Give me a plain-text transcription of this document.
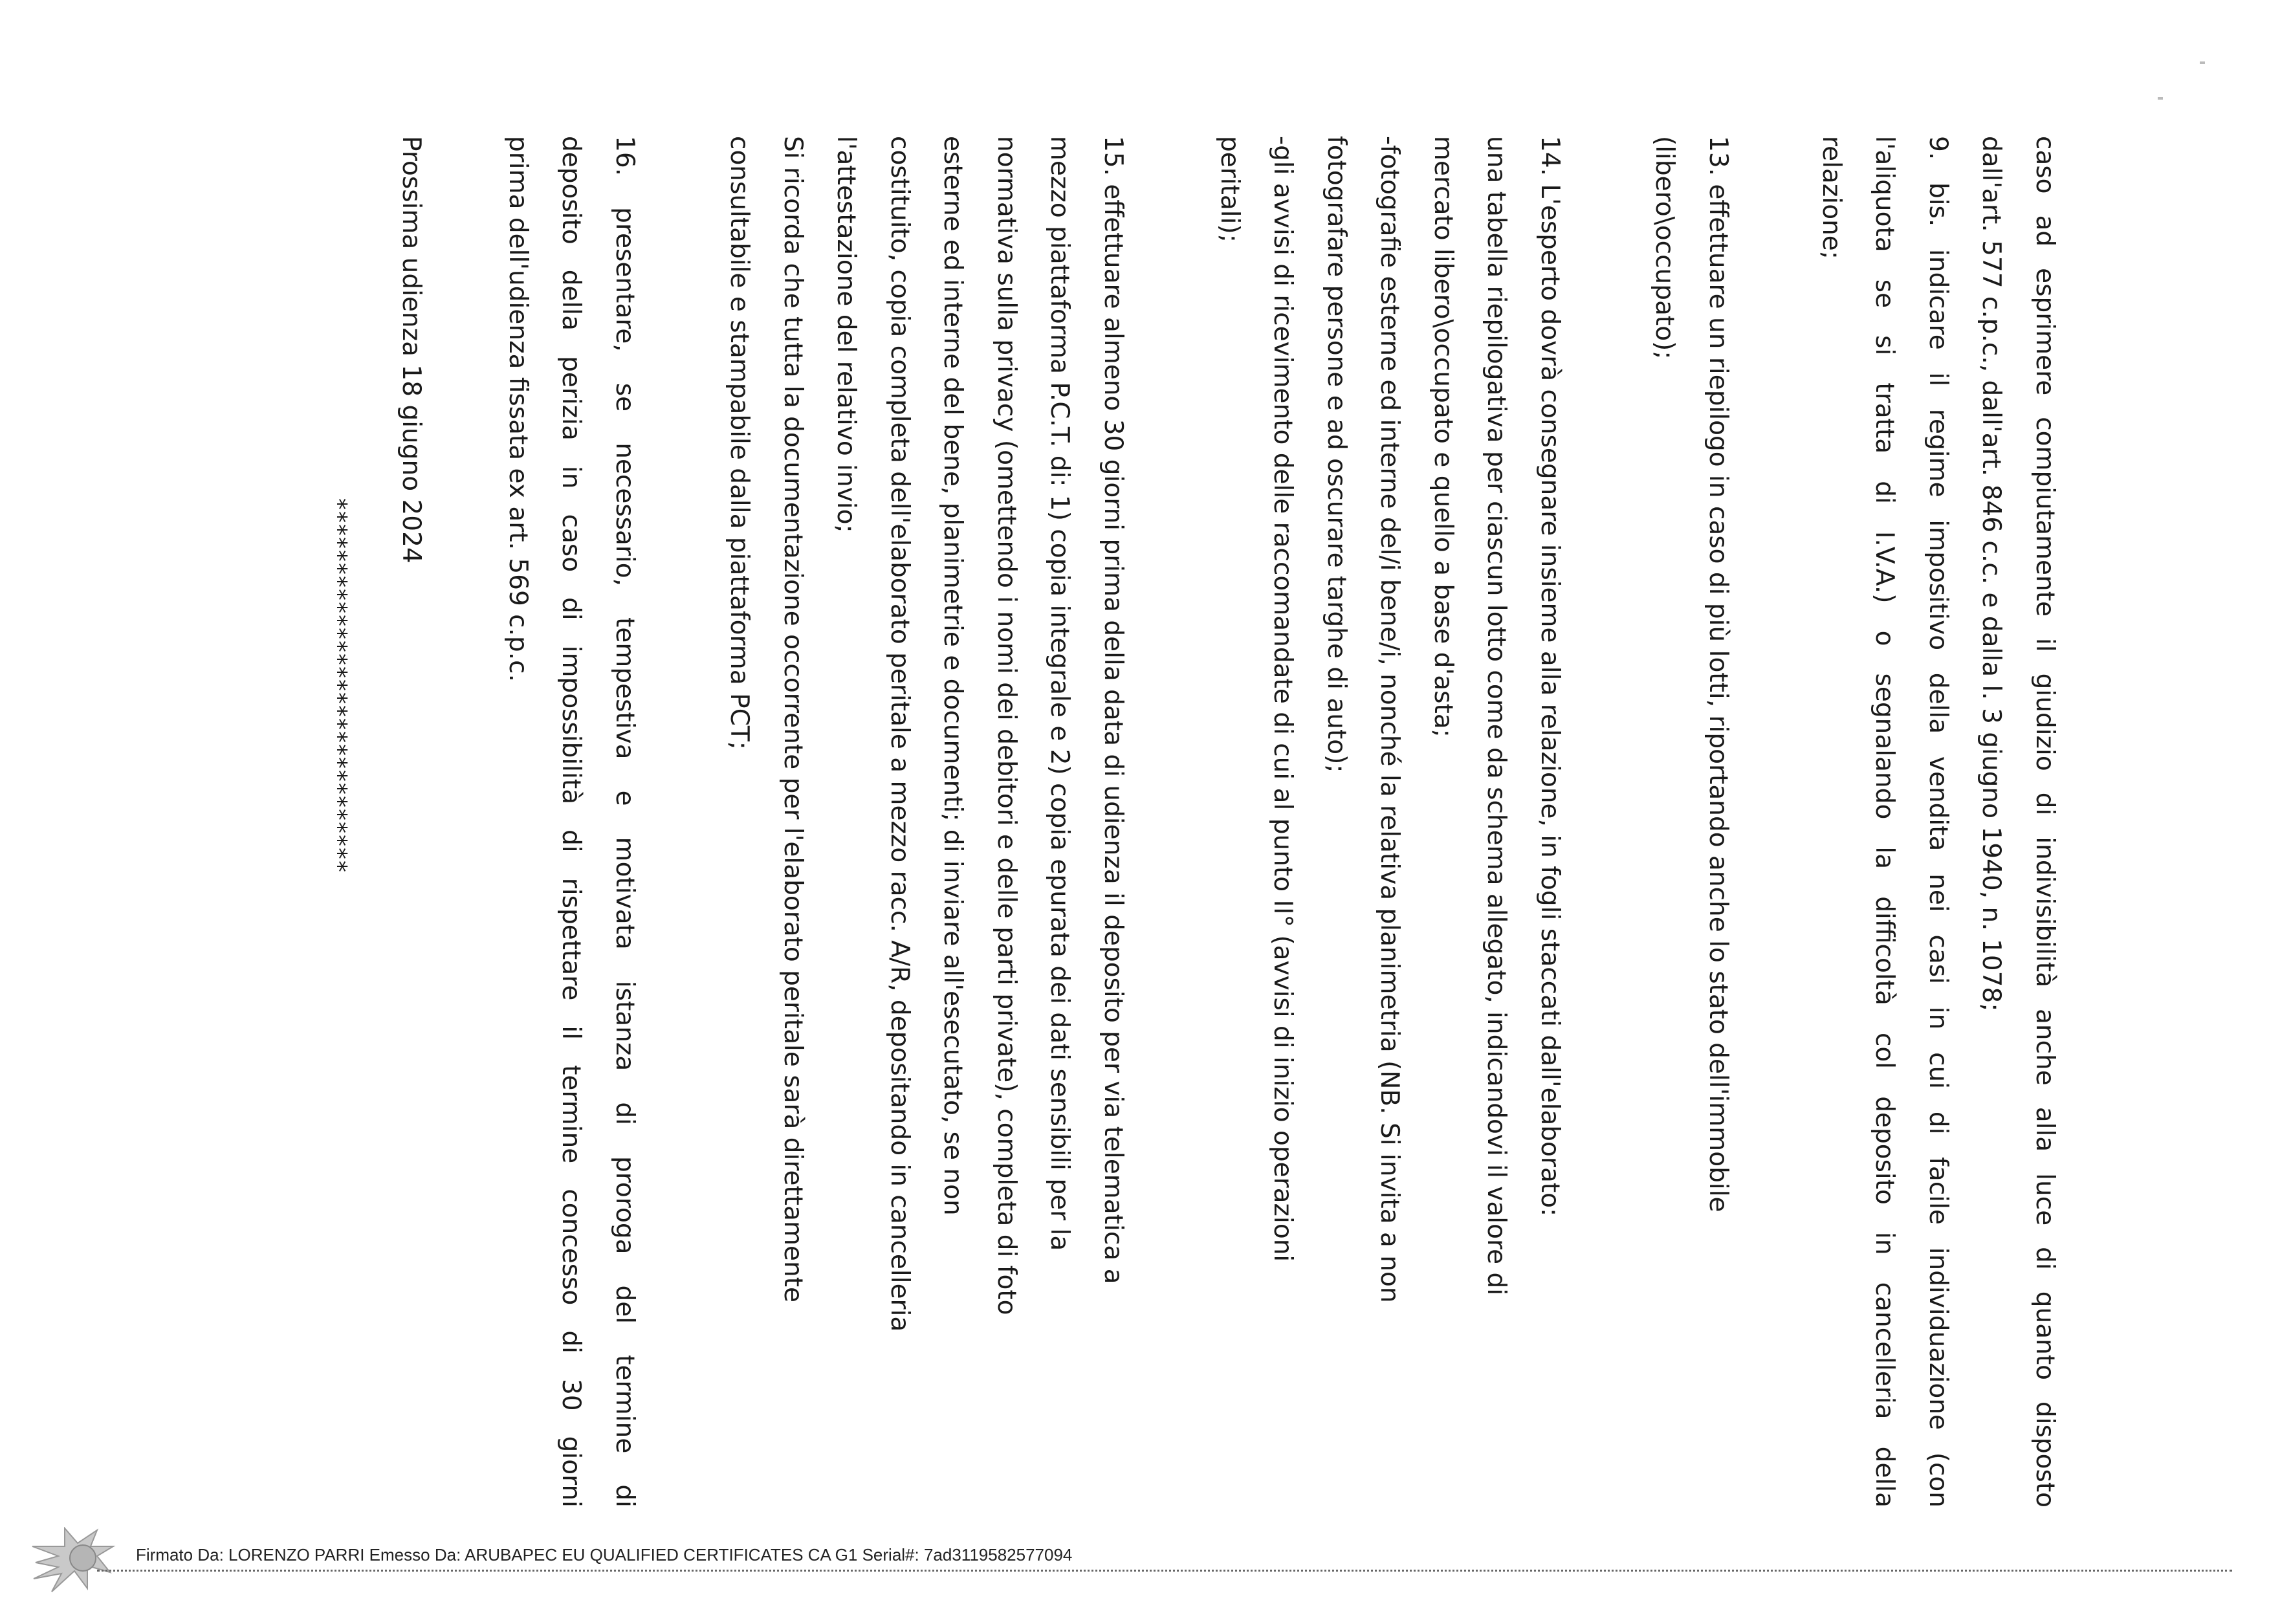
caso ad esprimere compiutamente il giudizio di indivisibilità anche alla luce di quanto disposto
dall'art. 577 c.p.c., dall'art. 846 c.c. e dalla l. 3 giugno 1940, n. 1078;
9. bis. indicare il regime impositivo della vendita nei casi in cui di facile individuazione (con
l'aliquota se si tratta di I.V.A.) o segnalando la difficoltà col deposito in cancelleria della
relazione;
13. effettuare un riepilogo in caso di più lotti, riportando anche lo stato dell'immobile
(libero\occupato);
14. L'esperto dovrà consegnare insieme alla relazione, in fogli staccati dall'elaborato:
una tabella riepilogativa per ciascun lotto come da schema allegato, indicandovi il valore di
mercato libero\occupato e quello a base d'asta;
-fotografie esterne ed interne del/i bene/i, nonché la relativa planimetria (NB. Si invita a non
fotografare persone e ad oscurare targhe di auto);
-gli avvisi di ricevimento delle raccomandate di cui al punto II° (avvisi di inizio operazioni
peritali);
15. effettuare almeno 30 giorni prima della data di udienza il deposito per via telematica a
mezzo piattaforma P.C.T. di: 1) copia integrale e 2) copia epurata dei dati sensibili per la
normativa sulla privacy (omettendo i nomi dei debitori e delle parti private), completa di foto
esterne ed interne del bene, planimetrie e documenti; di inviare all'esecutato, se non
costituito, copia completa dell'elaborato peritale a mezzo racc. A/R, depositando in cancelleria
l'attestazione del relativo invio;
Si ricorda che tutta la documentazione occorrente per l'elaborato peritale sarà direttamente
consultabile e stampabile dalla piattaforma PCT;
16. presentare, se necessario, tempestiva e motivata istanza di proroga del termine di
deposito della perizia in caso di impossibilità di rispettare il termine concesso di 30 giorni
prima dell'udienza fissata ex art. 569 c.p.c.
Prossima udienza 18 giugno 2024
*****************************
Firmato Da: LORENZO PARRI Emesso Da: ARUBAPEC EU QUALIFIED CERTIFICATES CA G1 Serial#: 7ad3119582577094
